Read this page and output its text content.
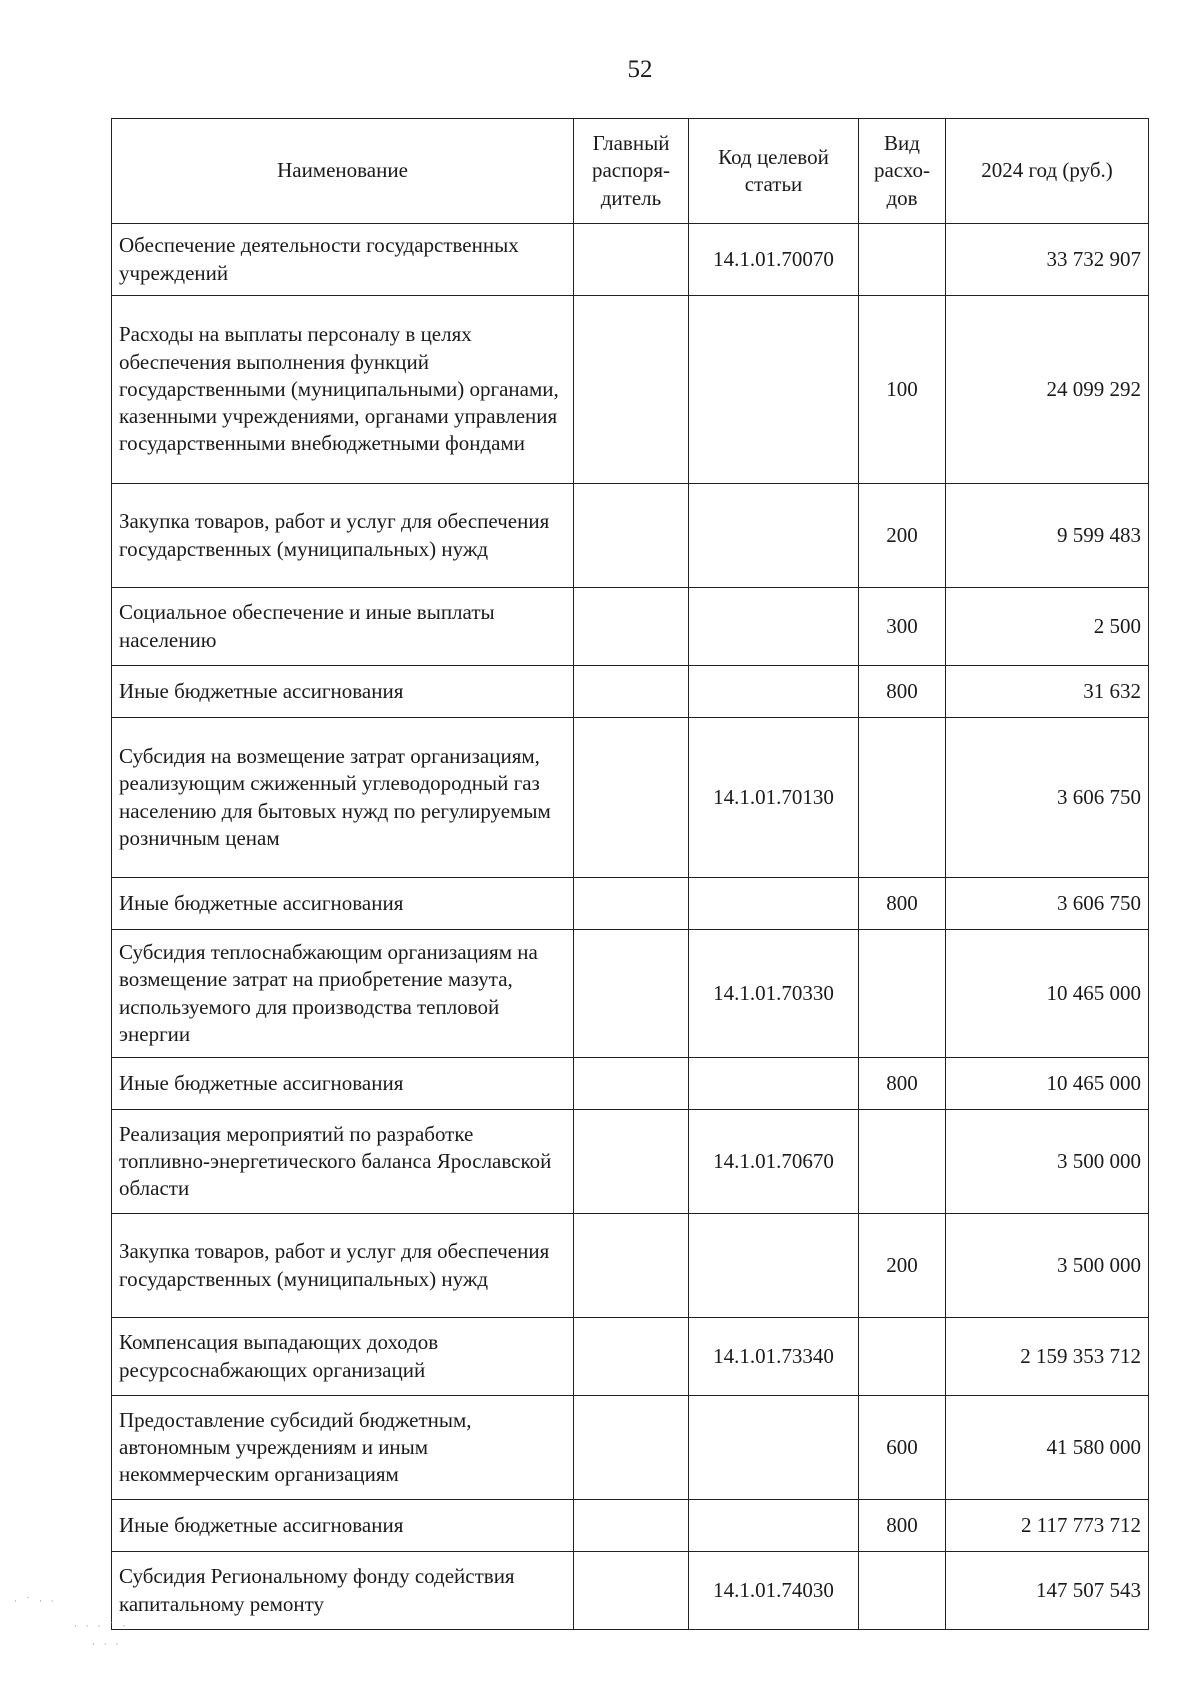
52
Наименование	Главный распоря-дитель	Код целевой статьи	Вид расхо-дов	2024 год (руб.)
Обеспечение деятельности государственных учреждений		14.1.01.70070		33 732 907
Расходы на выплаты персоналу в целях обеспечения выполнения функций государственными (муниципальными) органами, казенными учреждениями, органами управления государственными внебюджетными фондами			100	24 099 292
Закупка товаров, работ и услуг для обеспечения государственных (муниципальных) нужд			200	9 599 483
Социальное обеспечение и иные выплаты населению			300	2 500
Иные бюджетные ассигнования			800	31 632
Субсидия на возмещение затрат организациям, реализующим сжиженный углеводородный газ населению для бытовых нужд по регулируемым розничным ценам		14.1.01.70130		3 606 750
Иные бюджетные ассигнования			800	3 606 750
Субсидия теплоснабжающим организациям на возмещение затрат на приобретение мазута, используемого для производства тепловой энергии		14.1.01.70330		10 465 000
Иные бюджетные ассигнования			800	10 465 000
Реализация мероприятий по разработке топливно-энергетического баланса Ярославской области		14.1.01.70670		3 500 000
Закупка товаров, работ и услуг для обеспечения государственных (муниципальных) нужд			200	3 500 000
Компенсация выпадающих доходов ресурсоснабжающих организаций		14.1.01.73340		2 159 353 712
Предоставление субсидий бюджетным, автономным учреждениям и иным некоммерческим организациям			600	41 580 000
Иные бюджетные ассигнования			800	2 117 773 712
Субсидия Региональному фонду содействия капитальному ремонту		14.1.01.74030		147 507 543
· ˙ · ·
· · · ˙ ·
· · ·
